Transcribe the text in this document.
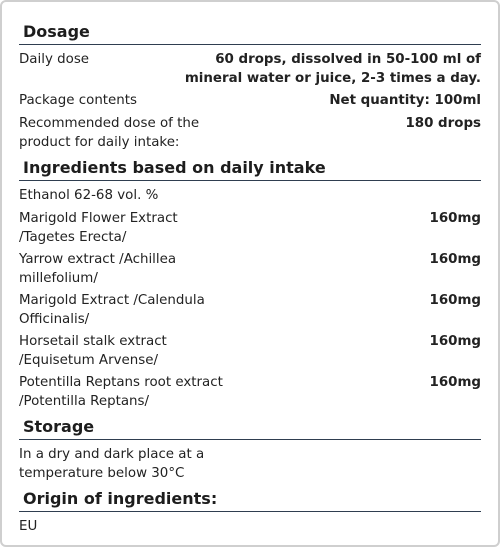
Dosage
Daily dose	60 drops, dissolved in 50-100 ml of
mineral water or juice, 2-3 times a day.
Package contents	Net quantity: 100ml
Recommended dose of the
product for daily intake:
180 drops
Ingredients based on daily intake
Ethanol 62-68 vol. %
Marigold Flower Extract
/Tagetes Erecta/
160mg
Yarrow extract /Achillea
millefolium/
160mg
Marigold Extract /Calendula
Officinalis/
160mg
Horsetail stalk extract
/Equisetum Arvense/
160mg
Potentilla Reptans root extract
/Potentilla Reptans/
160mg
Storage
In a dry and dark place at a
temperature below 30°C
Origin of ingredients:
EU
